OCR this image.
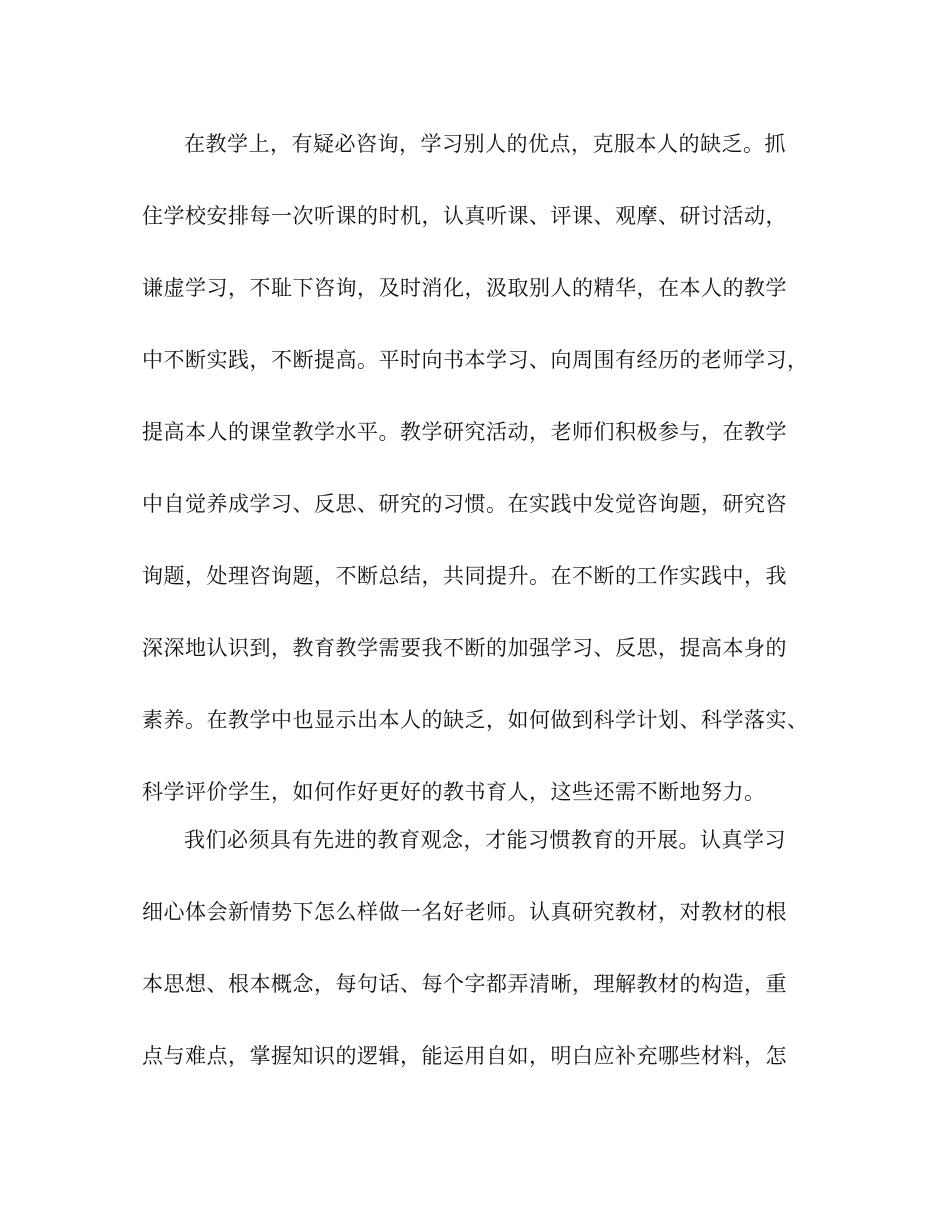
在教学上，有疑必咨询，学习别人的优点，克服本人的缺乏。抓
住学校安排每一次听课的时机，认真听课、评课、观摩、研讨活动，
谦虚学习，不耻下咨询，及时消化，汲取别人的精华，在本人的教学
中不断实践，不断提高。平时向书本学习、向周围有经历的老师学习，
提高本人的课堂教学水平。教学研究活动，老师们积极参与，在教学
中自觉养成学习、反思、研究的习惯。在实践中发觉咨询题，研究咨
询题，处理咨询题，不断总结，共同提升。在不断的工作实践中，我
深深地认识到，教育教学需要我不断的加强学习、反思，提高本身的
素养。在教学中也显示出本人的缺乏，如何做到科学计划、科学落实、
科学评价学生，如何作好更好的教书育人，这些还需不断地努力。
我们必须具有先进的教育观念，才能习惯教育的开展。认真学习
细心体会新情势下怎么样做一名好老师。认真研究教材，对教材的根
本思想、根本概念，每句话、每个字都弄清晰，理解教材的构造，重
点与难点，掌握知识的逻辑，能运用自如，明白应补充哪些材料，怎
